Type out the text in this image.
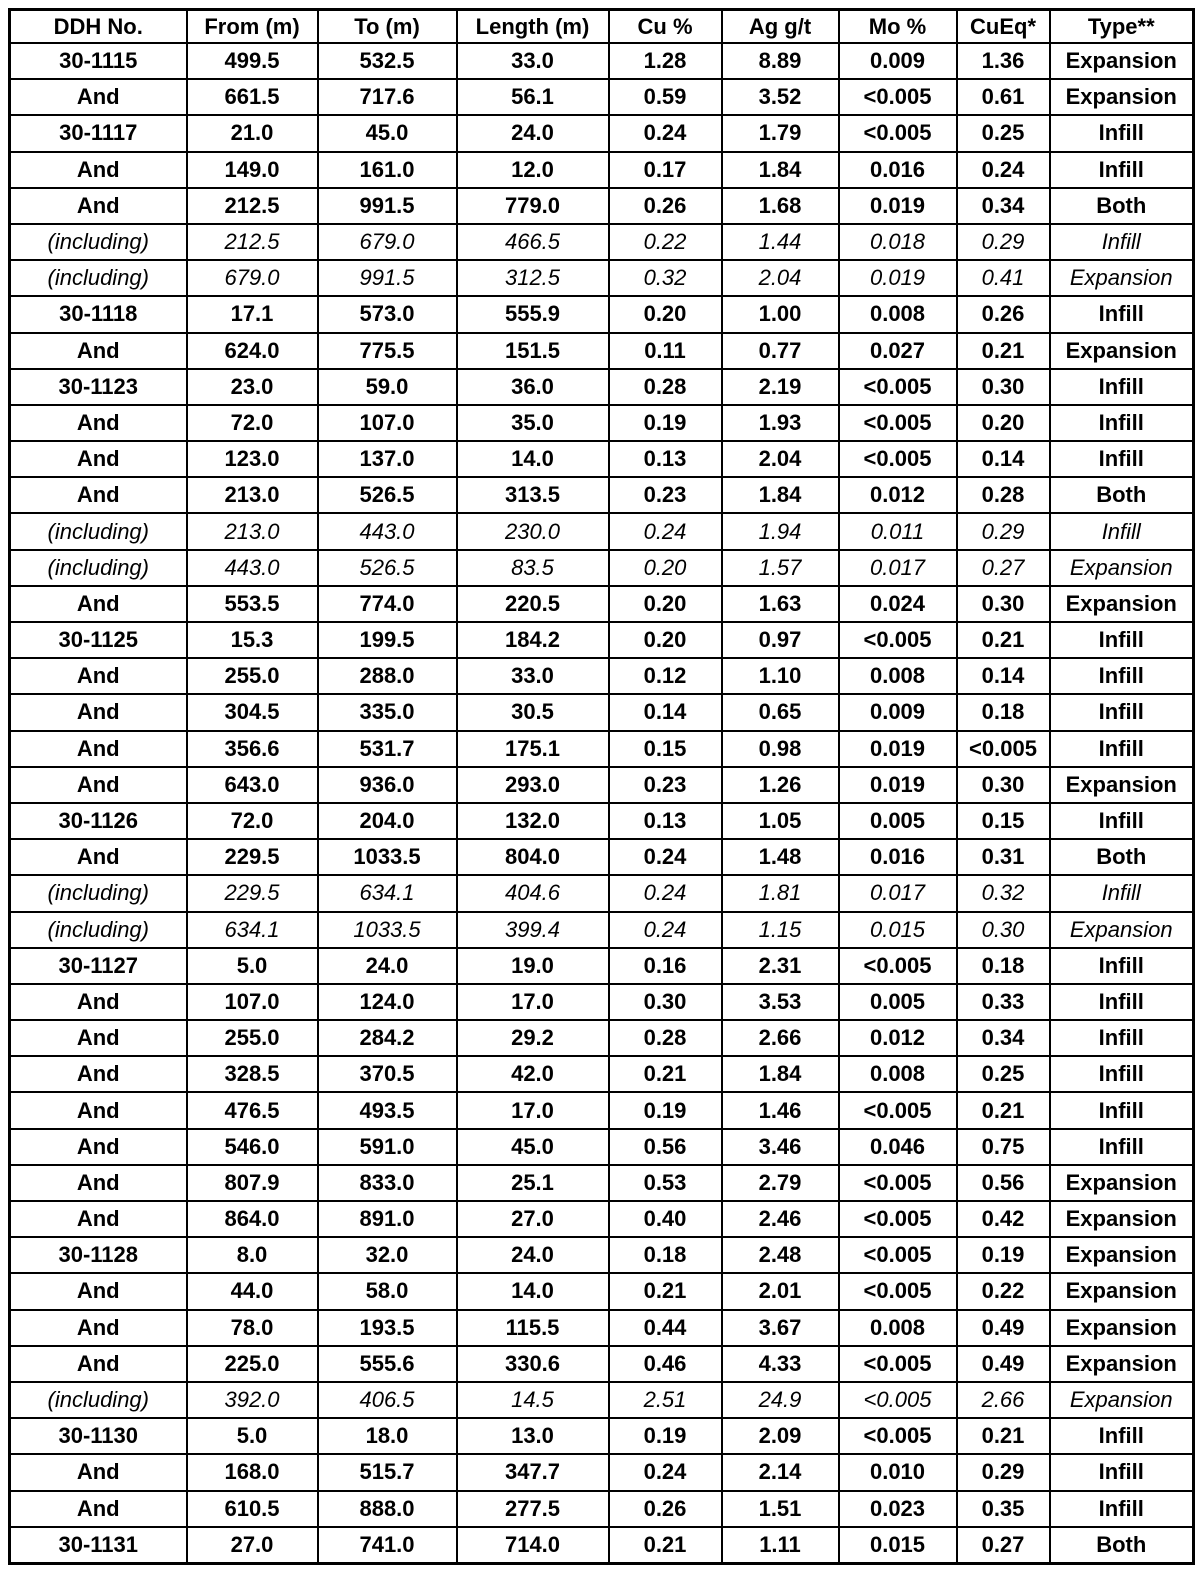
DDH No.	From (m)	To (m)	Length (m)	Cu %	Ag g/t	Mo %	CuEq*	Type**
30-1115	499.5	532.5	33.0	1.28	8.89	0.009	1.36	Expansion
And	661.5	717.6	56.1	0.59	3.52	<0.005	0.61	Expansion
30-1117	21.0	45.0	24.0	0.24	1.79	<0.005	0.25	Infill
And	149.0	161.0	12.0	0.17	1.84	0.016	0.24	Infill
And	212.5	991.5	779.0	0.26	1.68	0.019	0.34	Both
(including)	212.5	679.0	466.5	0.22	1.44	0.018	0.29	Infill
(including)	679.0	991.5	312.5	0.32	2.04	0.019	0.41	Expansion
30-1118	17.1	573.0	555.9	0.20	1.00	0.008	0.26	Infill
And	624.0	775.5	151.5	0.11	0.77	0.027	0.21	Expansion
30-1123	23.0	59.0	36.0	0.28	2.19	<0.005	0.30	Infill
And	72.0	107.0	35.0	0.19	1.93	<0.005	0.20	Infill
And	123.0	137.0	14.0	0.13	2.04	<0.005	0.14	Infill
And	213.0	526.5	313.5	0.23	1.84	0.012	0.28	Both
(including)	213.0	443.0	230.0	0.24	1.94	0.011	0.29	Infill
(including)	443.0	526.5	83.5	0.20	1.57	0.017	0.27	Expansion
And	553.5	774.0	220.5	0.20	1.63	0.024	0.30	Expansion
30-1125	15.3	199.5	184.2	0.20	0.97	<0.005	0.21	Infill
And	255.0	288.0	33.0	0.12	1.10	0.008	0.14	Infill
And	304.5	335.0	30.5	0.14	0.65	0.009	0.18	Infill
And	356.6	531.7	175.1	0.15	0.98	0.019	<0.005	Infill
And	643.0	936.0	293.0	0.23	1.26	0.019	0.30	Expansion
30-1126	72.0	204.0	132.0	0.13	1.05	0.005	0.15	Infill
And	229.5	1033.5	804.0	0.24	1.48	0.016	0.31	Both
(including)	229.5	634.1	404.6	0.24	1.81	0.017	0.32	Infill
(including)	634.1	1033.5	399.4	0.24	1.15	0.015	0.30	Expansion
30-1127	5.0	24.0	19.0	0.16	2.31	<0.005	0.18	Infill
And	107.0	124.0	17.0	0.30	3.53	0.005	0.33	Infill
And	255.0	284.2	29.2	0.28	2.66	0.012	0.34	Infill
And	328.5	370.5	42.0	0.21	1.84	0.008	0.25	Infill
And	476.5	493.5	17.0	0.19	1.46	<0.005	0.21	Infill
And	546.0	591.0	45.0	0.56	3.46	0.046	0.75	Infill
And	807.9	833.0	25.1	0.53	2.79	<0.005	0.56	Expansion
And	864.0	891.0	27.0	0.40	2.46	<0.005	0.42	Expansion
30-1128	8.0	32.0	24.0	0.18	2.48	<0.005	0.19	Expansion
And	44.0	58.0	14.0	0.21	2.01	<0.005	0.22	Expansion
And	78.0	193.5	115.5	0.44	3.67	0.008	0.49	Expansion
And	225.0	555.6	330.6	0.46	4.33	<0.005	0.49	Expansion
(including)	392.0	406.5	14.5	2.51	24.9	<0.005	2.66	Expansion
30-1130	5.0	18.0	13.0	0.19	2.09	<0.005	0.21	Infill
And	168.0	515.7	347.7	0.24	2.14	0.010	0.29	Infill
And	610.5	888.0	277.5	0.26	1.51	0.023	0.35	Infill
30-1131	27.0	741.0	714.0	0.21	1.11	0.015	0.27	Both
